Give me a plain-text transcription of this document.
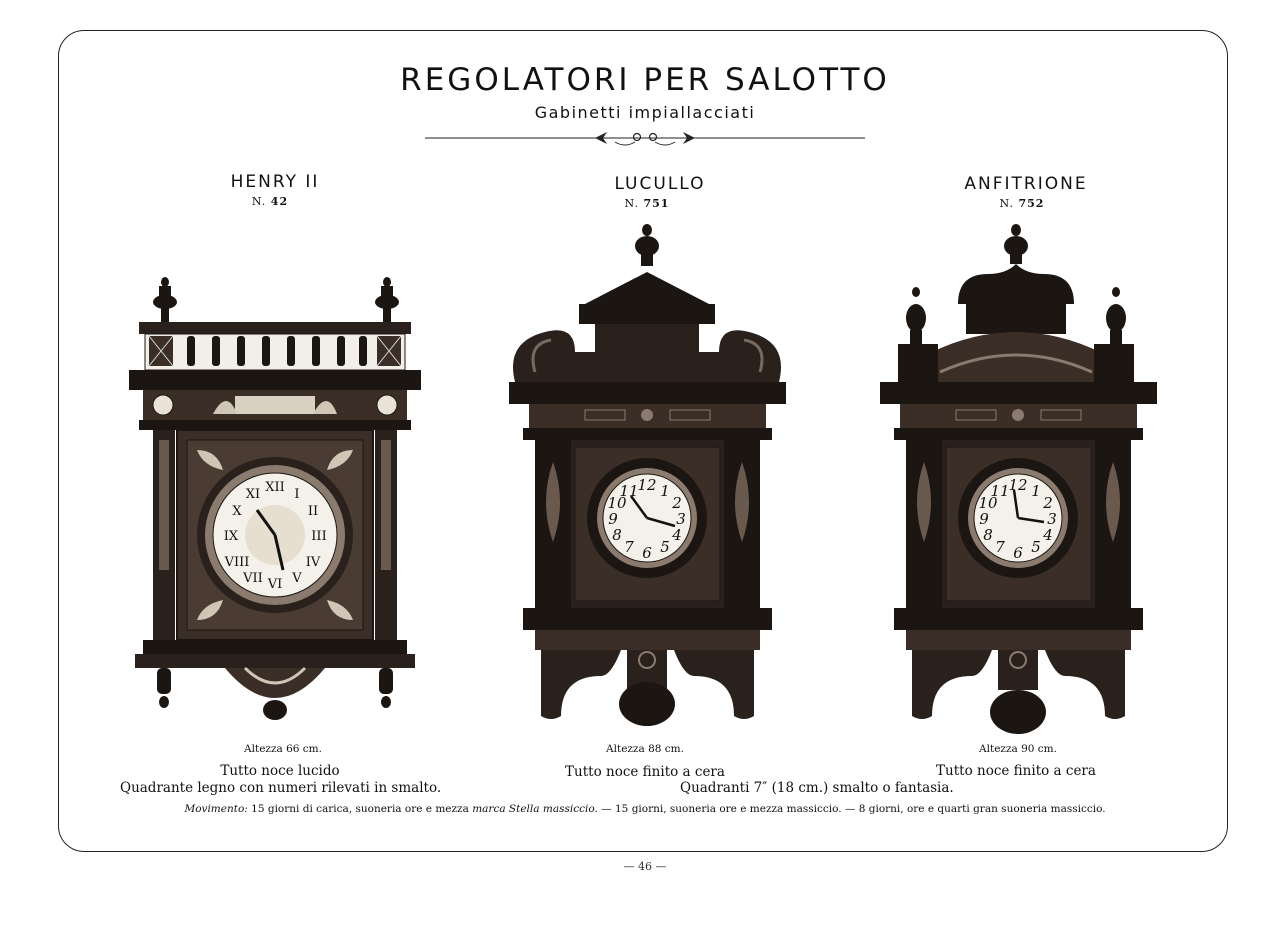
REGOLATORI PER SALOTTO
Gabinetti impiallacciati
HENRY II
N. 42
LUCULLO
N. 751
ANFITRIONE
N. 752
XII
III
VI
IX
I
II
IV
V
VII
VIII
X
XI
12
3
6
9
1
2
4
5
7
8
10
11	12
3
6
9
1
2
4
5
7
8
10
11
Altezza 66 cm.	Altezza 88 cm.	Altezza 90 cm.
Tutto noce lucido
Quadrante legno con numeri rilevati in smalto.
Tutto noce finito a cera
Quadranti 7″ (18 cm.) smalto o fantasia.
Tutto noce finito a cera
Movimento: 15 giorni di carica, suoneria ore e mezza marca Stella massiccio. — 15 giorni, suoneria ore e mezza massiccio. — 8 giorni, ore e quarti gran suoneria massiccio.
— 46 —
